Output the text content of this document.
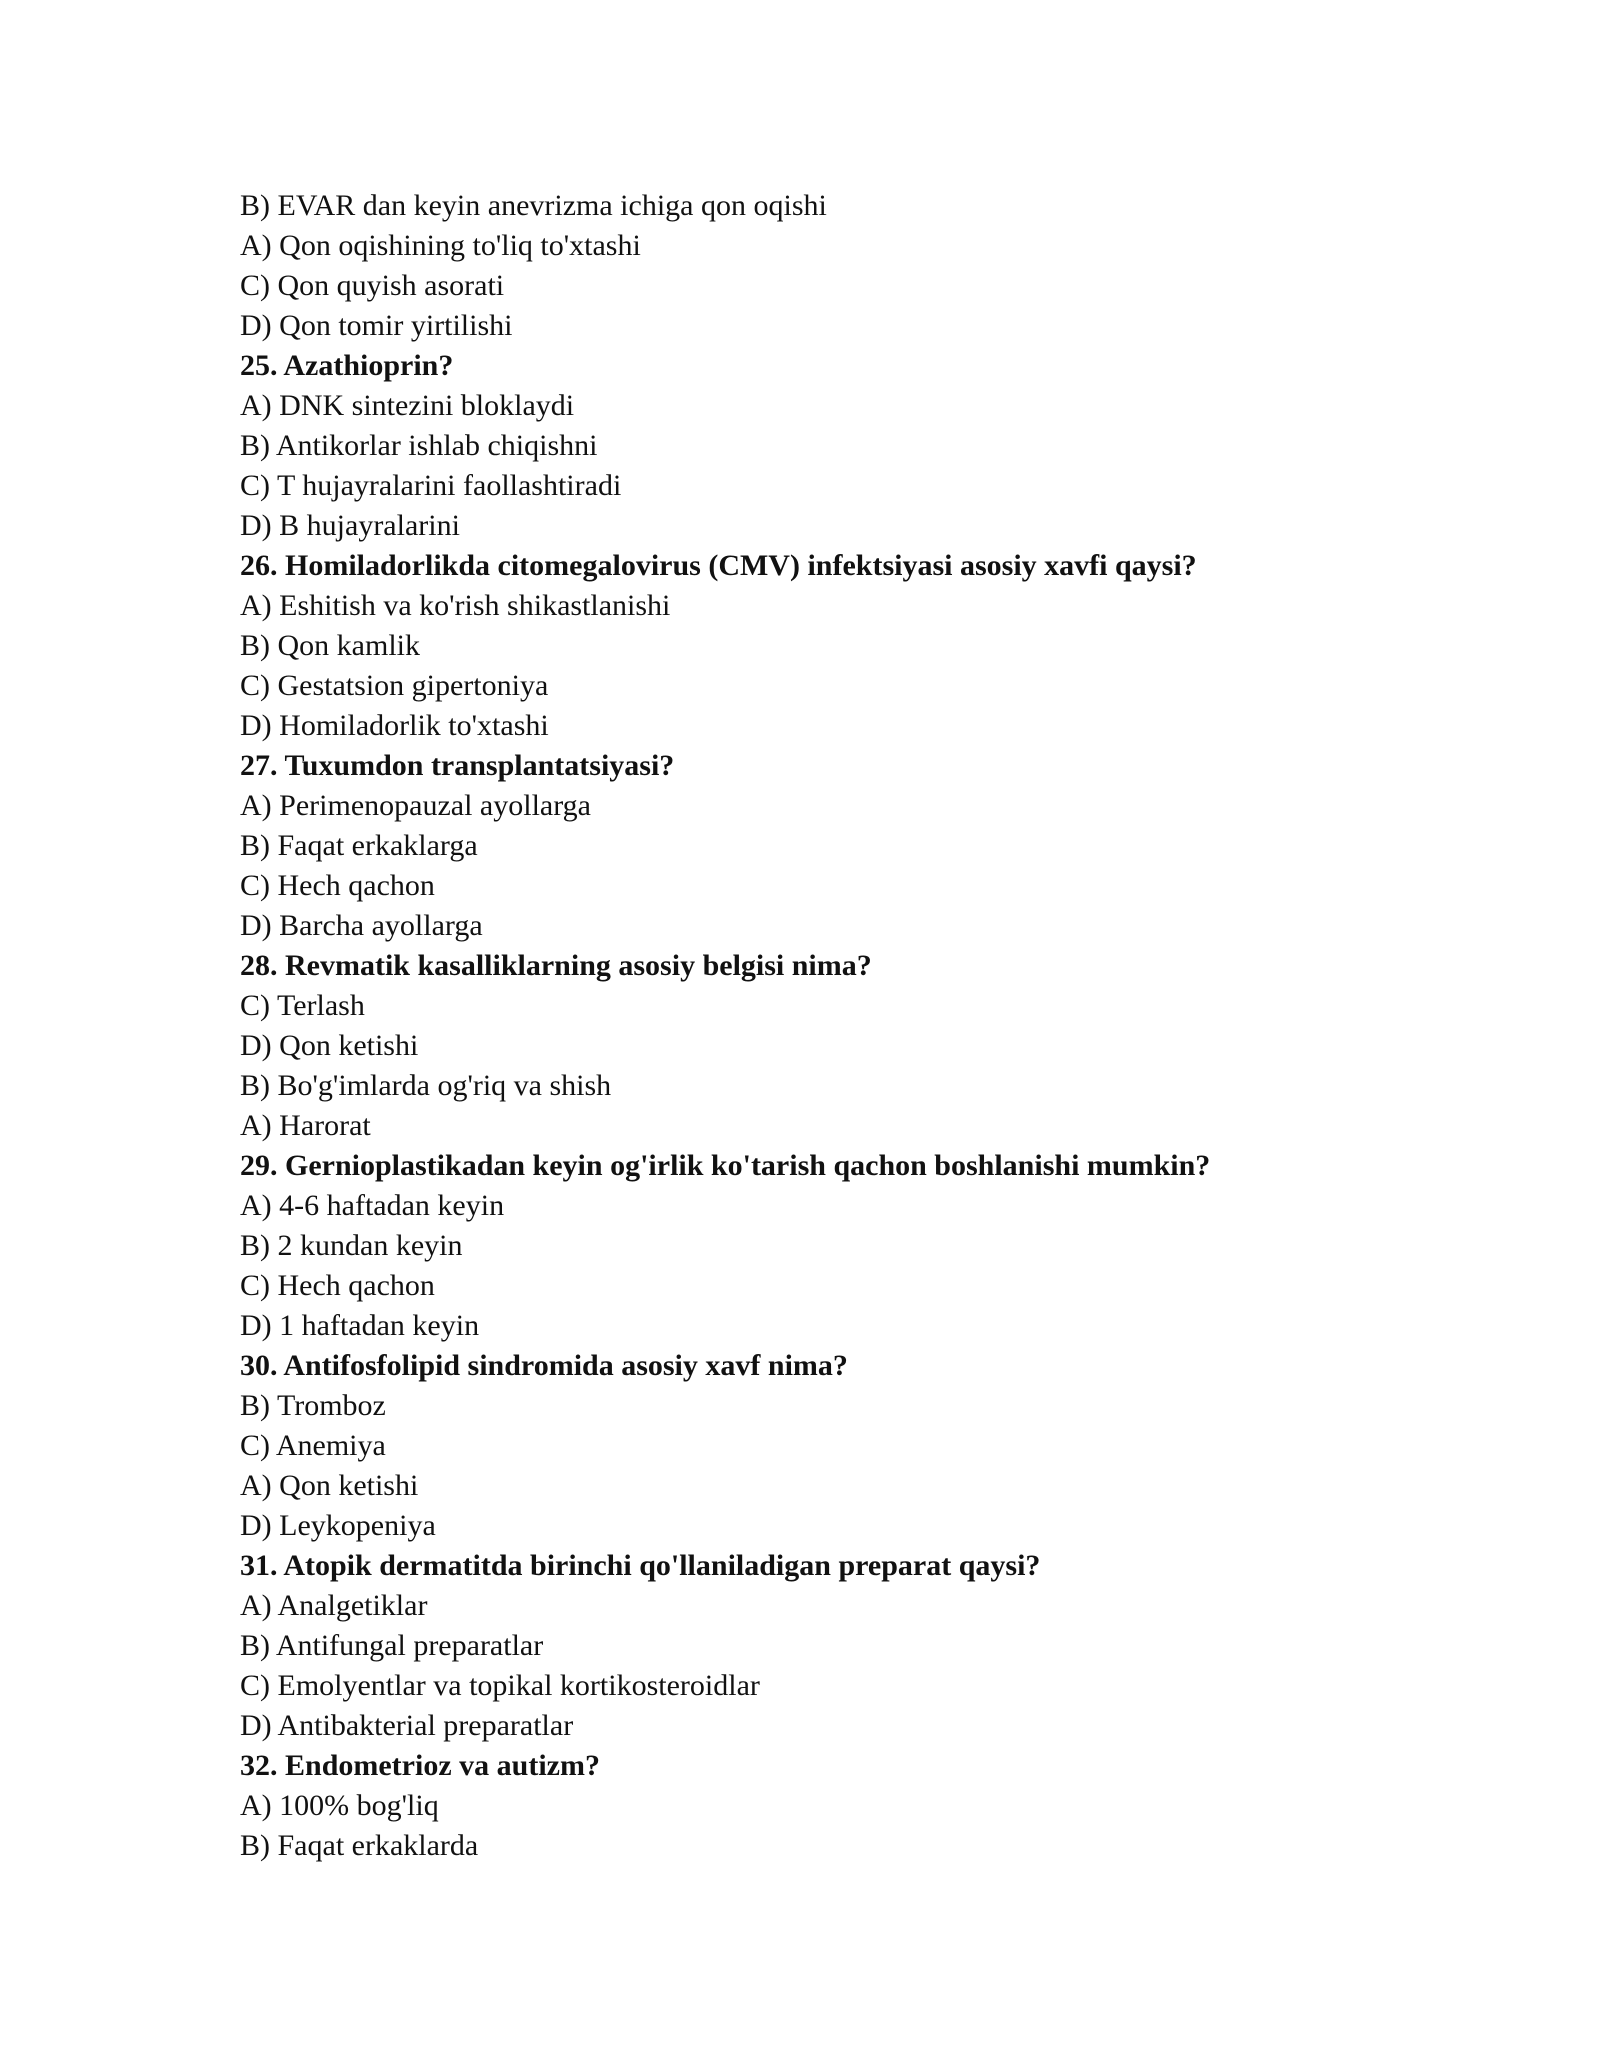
B) EVAR dan keyin anevrizma ichiga qon oqishi
A) Qon oqishining to'liq to'xtashi
C) Qon quyish asorati
D) Qon tomir yirtilishi
25. Azathioprin?
A) DNK sintezini bloklaydi
B) Antikorlar ishlab chiqishni
C) T hujayralarini faollashtiradi
D) B hujayralarini
26. Homiladorlikda citomegalovirus (CMV) infektsiyasi asosiy xavfi qaysi?
A) Eshitish va ko'rish shikastlanishi
B) Qon kamlik
C) Gestatsion gipertoniya
D) Homiladorlik to'xtashi
27. Tuxumdon transplantatsiyasi?
A) Perimenopauzal ayollarga
B) Faqat erkaklarga
C) Hech qachon
D) Barcha ayollarga
28. Revmatik kasalliklarning asosiy belgisi nima?
C) Terlash
D) Qon ketishi
B) Bo'g'imlarda og'riq va shish
A) Harorat
29. Gernioplastikadan keyin og'irlik ko'tarish qachon boshlanishi mumkin?
A) 4-6 haftadan keyin
B) 2 kundan keyin
C) Hech qachon
D) 1 haftadan keyin
30. Antifosfolipid sindromida asosiy xavf nima?
B) Tromboz
C) Anemiya
A) Qon ketishi
D) Leykopeniya
31. Atopik dermatitda birinchi qo'llaniladigan preparat qaysi?
A) Analgetiklar
B) Antifungal preparatlar
C) Emolyentlar va topikal kortikosteroidlar
D) Antibakterial preparatlar
32. Endometrioz va autizm?
A) 100% bog'liq
B) Faqat erkaklarda
